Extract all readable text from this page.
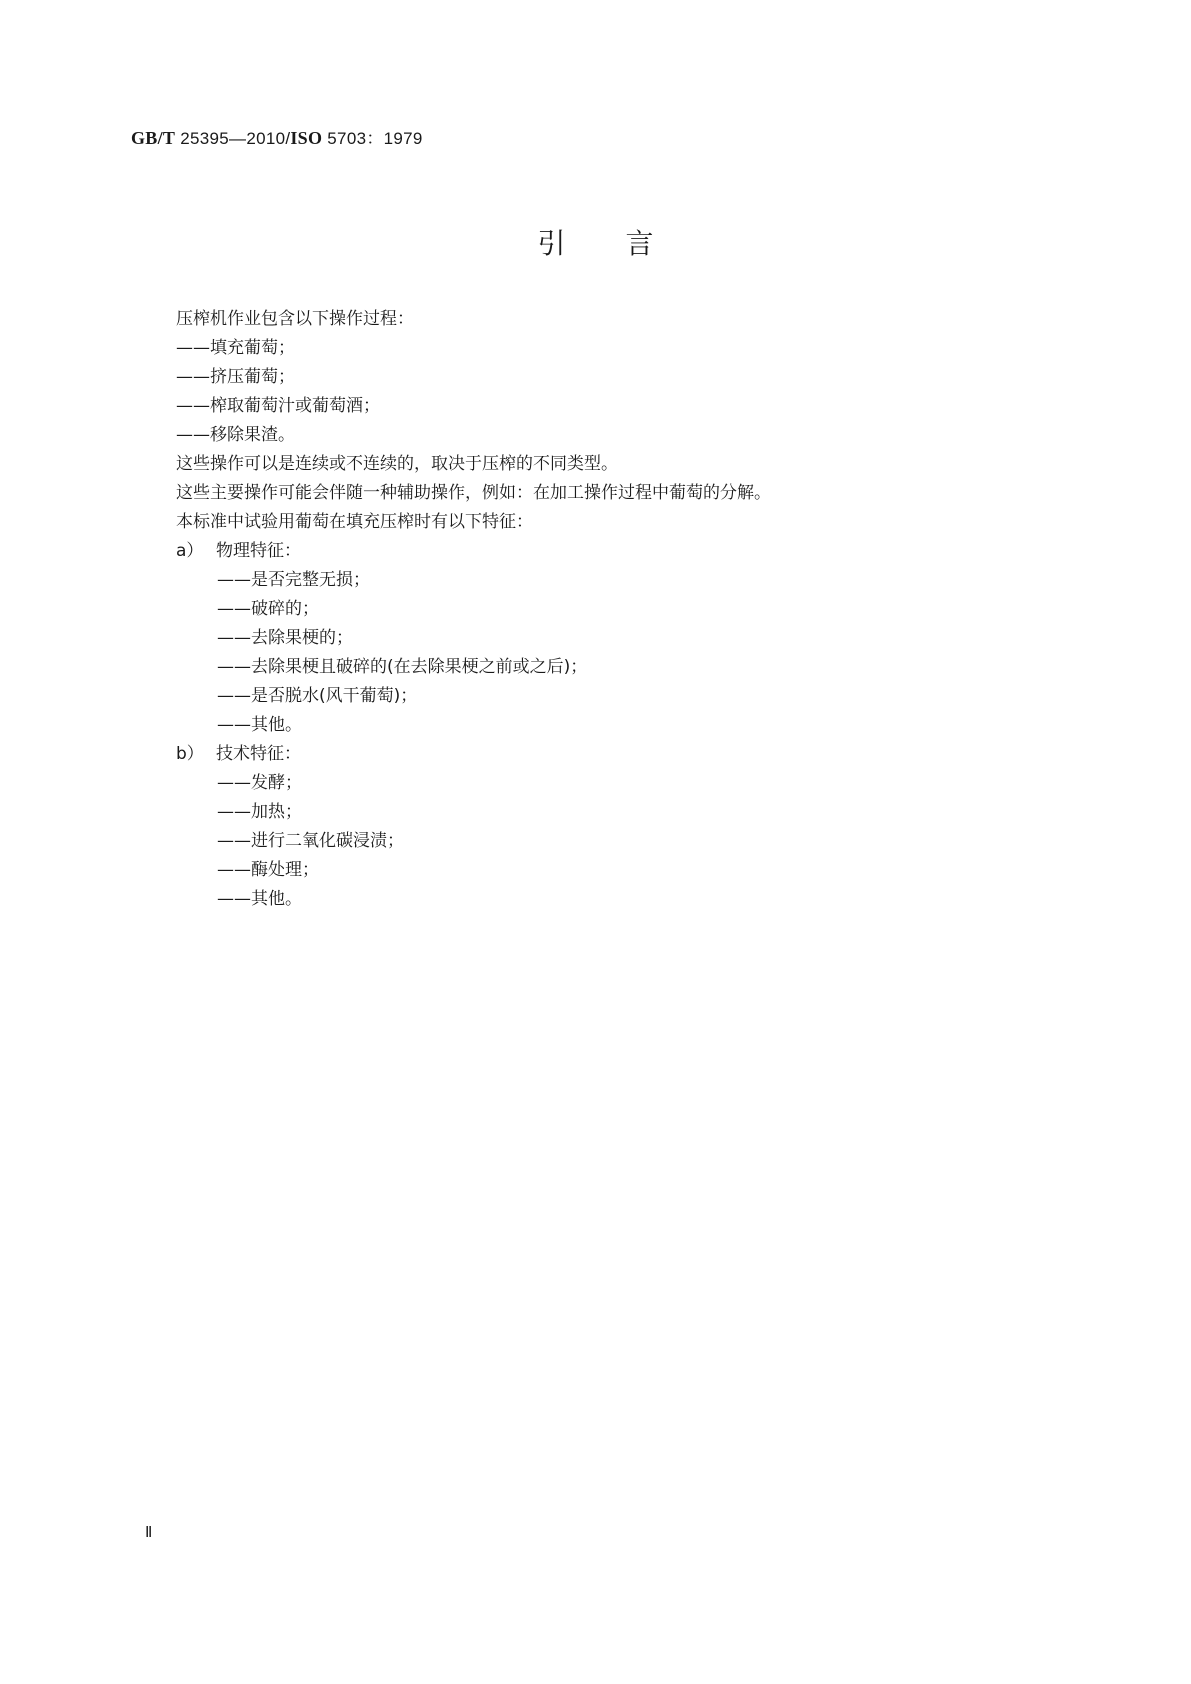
GB/T 25395—2010/ISO 5703：1979
引言
压榨机作业包含以下操作过程：
——填充葡萄；
——挤压葡萄；
——榨取葡萄汁或葡萄酒；
——移除果渣。
这些操作可以是连续或不连续的，取决于压榨的不同类型。
这些主要操作可能会伴随一种辅助操作，例如：在加工操作过程中葡萄的分解。
本标准中试验用葡萄在填充压榨时有以下特征：
a） 物理特征：
——是否完整无损；
——破碎的；
——去除果梗的；
——去除果梗且破碎的(在去除果梗之前或之后)；
——是否脱水(风干葡萄)；
——其他。
b） 技术特征：
——发酵；
——加热；
——进行二氧化碳浸渍；
——酶处理；
——其他。
Ⅱ
